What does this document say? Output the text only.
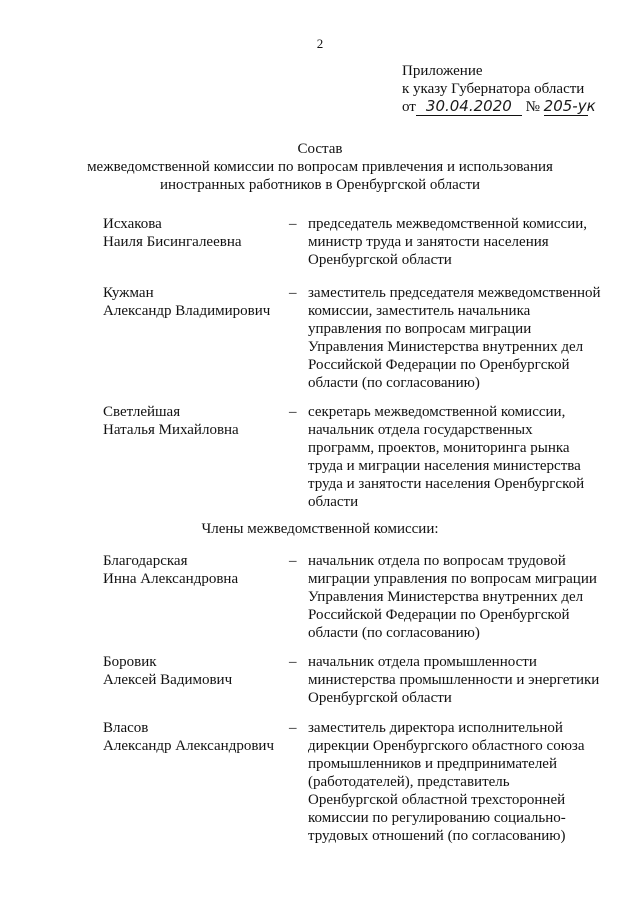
2
Приложение
к указу Губернатора области
от 30.04.2020 № 205-ук
Состав
межведомственной комиссии по вопросам привлечения и использования
иностранных работников в Оренбургской области
Исхакова
Наиля Бисингалеевна
– председатель межведомственной комиссии,
министр труда и занятости населения
Оренбургской области
Кужман
Александр Владимирович
– заместитель председателя межведомственной
комиссии, заместитель начальника
управления по вопросам миграции
Управления Министерства внутренних дел
Российской Федерации по Оренбургской
области (по согласованию)
Светлейшая
Наталья Михайловна
– секретарь межведомственной комиссии,
начальник отдела государственных
программ, проектов, мониторинга рынка
труда и миграции населения министерства
труда и занятости населения Оренбургской
области
Члены межведомственной комиссии:
Благодарская
Инна Александровна
– начальник отдела по вопросам трудовой
миграции управления по вопросам миграции
Управления Министерства внутренних дел
Российской Федерации по Оренбургской
области (по согласованию)
Боровик
Алексей Вадимович
– начальник отдела промышленности
министерства промышленности и энергетики
Оренбургской области
Власов
Александр Александрович
– заместитель директора исполнительной
дирекции Оренбургского областного союза
промышленников и предпринимателей
(работодателей), представитель
Оренбургской областной трехсторонней
комиссии по регулированию социально-
трудовых отношений (по согласованию)
